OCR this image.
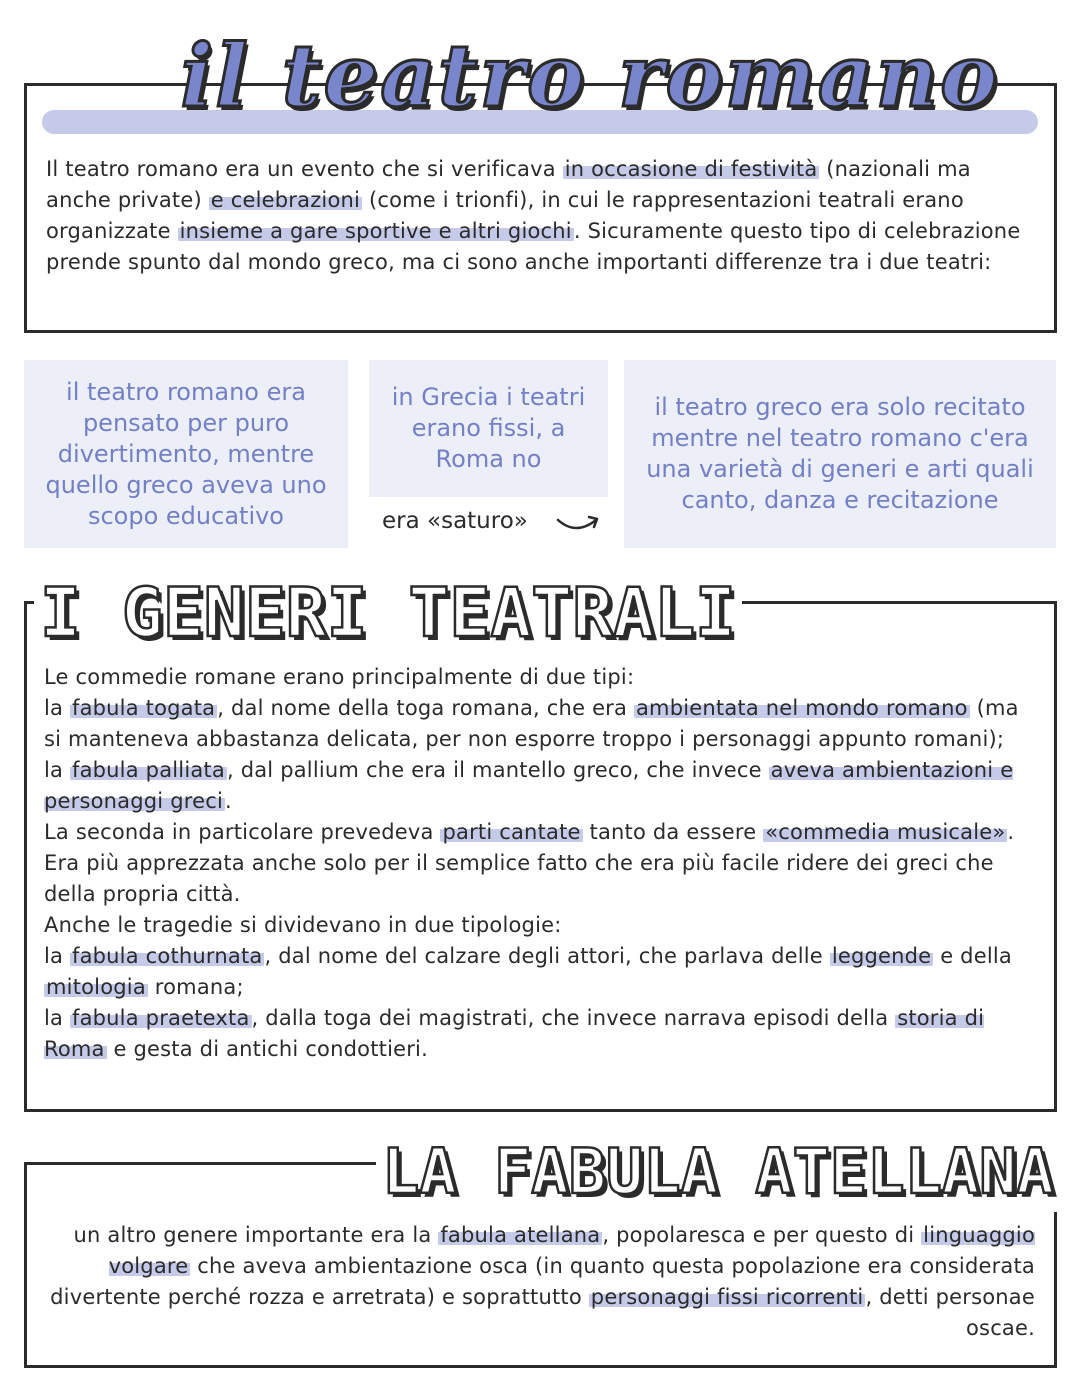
il teatro romano

Il teatro romano era un evento che si verificava in occasione di festività (nazionali ma anche private) e celebrazioni (come i trionfi), in cui le rappresentazioni teatrali erano organizzate insieme a gare sportive e altri giochi. Sicuramente questo tipo di celebrazione prende spunto dal mondo greco, ma ci sono anche importanti differenze tra i due teatri:

il teatro romano era pensato per puro divertimento, mentre quello greco aveva uno scopo educativo
in Grecia i teatri erano fissi, a Roma no
era «saturo»
il teatro greco era solo recitato mentre nel teatro romano c'era una varietà di generi e arti quali canto, danza e recitazione
I GENERI TEATRALI

Le commedie romane erano principalmente di due tipi:

la fabula togata, dal nome della toga romana, che era ambientata nel mondo romano (ma si manteneva abbastanza delicata, per non esporre troppo i personaggi appunto romani);

la fabula palliata, dal pallium che era il mantello greco, che invece aveva ambientazioni e personaggi greci.

La seconda in particolare prevedeva parti cantate tanto da essere «commedia musicale». Era più apprezzata anche solo per il semplice fatto che era più facile ridere dei greci che della propria città.

Anche le tragedie si dividevano in due tipologie:

la fabula cothurnata, dal nome del calzare degli attori, che parlava delle leggende e della mitologia romana;

la fabula praetexta, dalla toga dei magistrati, che invece narrava episodi della storia di Roma e gesta di antichi condottieri.

LA FABULA ATELLANA

un altro genere importante era la fabula atellana, popolaresca e per questo di linguaggio volgare che aveva ambientazione osca (in quanto questa popolazione era considerata divertente perché rozza e arretrata) e soprattutto personaggi fissi ricorrenti, detti personae oscae.
